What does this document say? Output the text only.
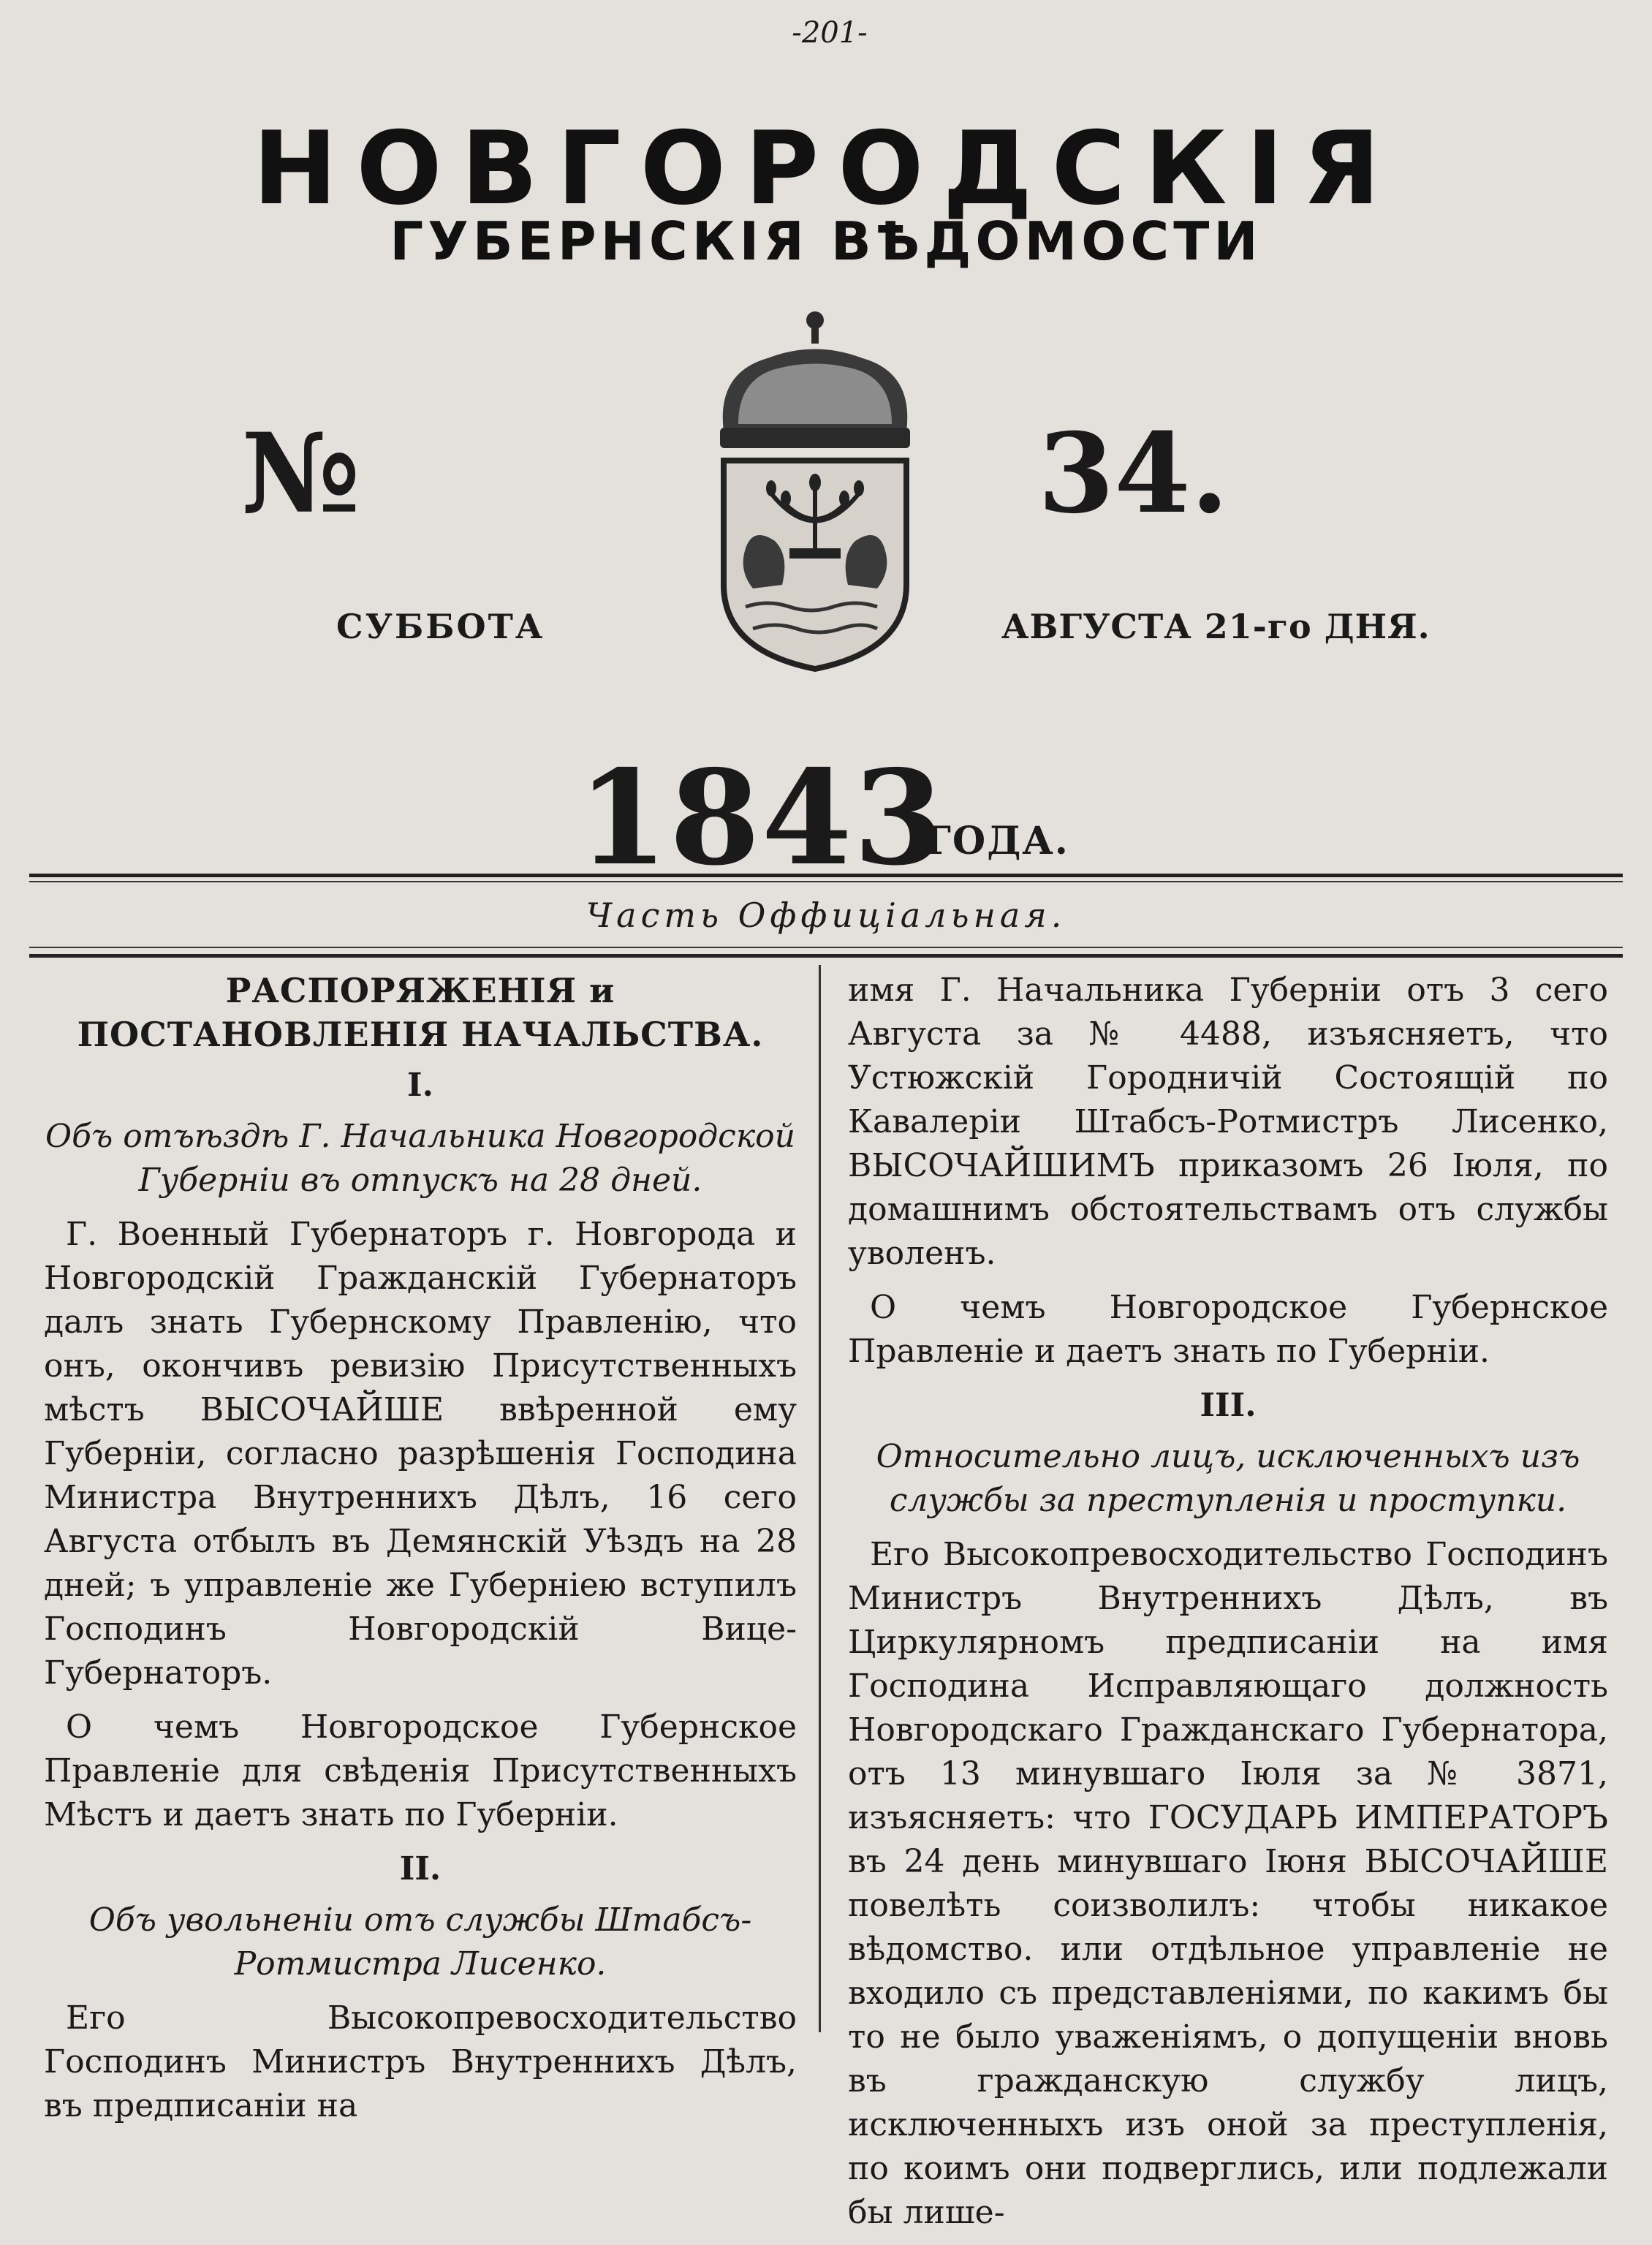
-201-
НОВГОРОДСКІЯ
ГУБЕРНСКІЯ ВѢДОМОСТИ
№	34.
СУББОТА	АВГУСТА 21-го ДНЯ.
1843
ГОДА.
Часть Оффиціальная.
РАСПОРЯЖЕНІЯ и ПОСТАНОВЛЕНІЯ НАЧАЛЬСТВА.
I.

Объ отъѣздѣ Г. Начальника Новгородской Губерніи въ отпускъ на 28 дней.

Г. Военный Губернаторъ г. Новгорода и Новгородскій Гражданскій Губернаторъ далъ знать Губернскому Правленію, что онъ, окончивъ ревизію Присутственныхъ мѣстъ ВЫСОЧАЙШЕ ввѣренной ему Губерніи, согласно разрѣшенія Господина Министра Внутреннихъ Дѣлъ, 16 сего Августа отбылъ въ Демянскій Уѣздъ на 28 дней; ъ управленіе же Губерніею вступилъ Господинъ Новгородскій Вице-Губернаторъ.

О чемъ Новгородское Губернское Правленіе для свѣденія Присутственныхъ Мѣстъ и даетъ знать по Губерніи.

II.

Объ увольненіи отъ службы Штабсъ-Ротмистра Лисенко.

Его Высокопревосходительство Господинъ Министръ Внутреннихъ Дѣлъ, въ предписаніи на

имя Г. Начальника Губерніи отъ 3 сего Августа за № 4488, изъясняетъ, что Устюжскій Городничій Состоящій по Кавалеріи Штабсъ-Ротмистръ Лисенко, ВЫСОЧАЙШИМЪ приказомъ 26 Іюля, по домашнимъ обстоятельствамъ отъ службы уволенъ.

О чемъ Новгородское Губернское Правленіе и даетъ знать по Губерніи.

III.

Относительно лицъ, исключенныхъ изъ службы за преступленія и проступки.

Его Высокопревосходительство Господинъ Министръ Внутреннихъ Дѣлъ, въ Циркулярномъ предписаніи на имя Господина Исправляющаго должность Новгородскаго Гражданскаго Губернатора, отъ 13 минувшаго Іюля за № 3871, изъясняетъ: что ГОСУДАРЬ ИМПЕРАТОРЪ въ 24 день минувшаго Іюня ВЫСОЧАЙШЕ повелѣть соизволилъ: чтобы никакое вѣдомство. или отдѣльное управленіе не входило съ представленіями, по какимъ бы то не было уваженіямъ, о допущеніи вновь въ гражданскую службу лицъ, исключенныхъ изъ оной за преступленія, по коимъ они подверглись, или подлежали бы лише-
